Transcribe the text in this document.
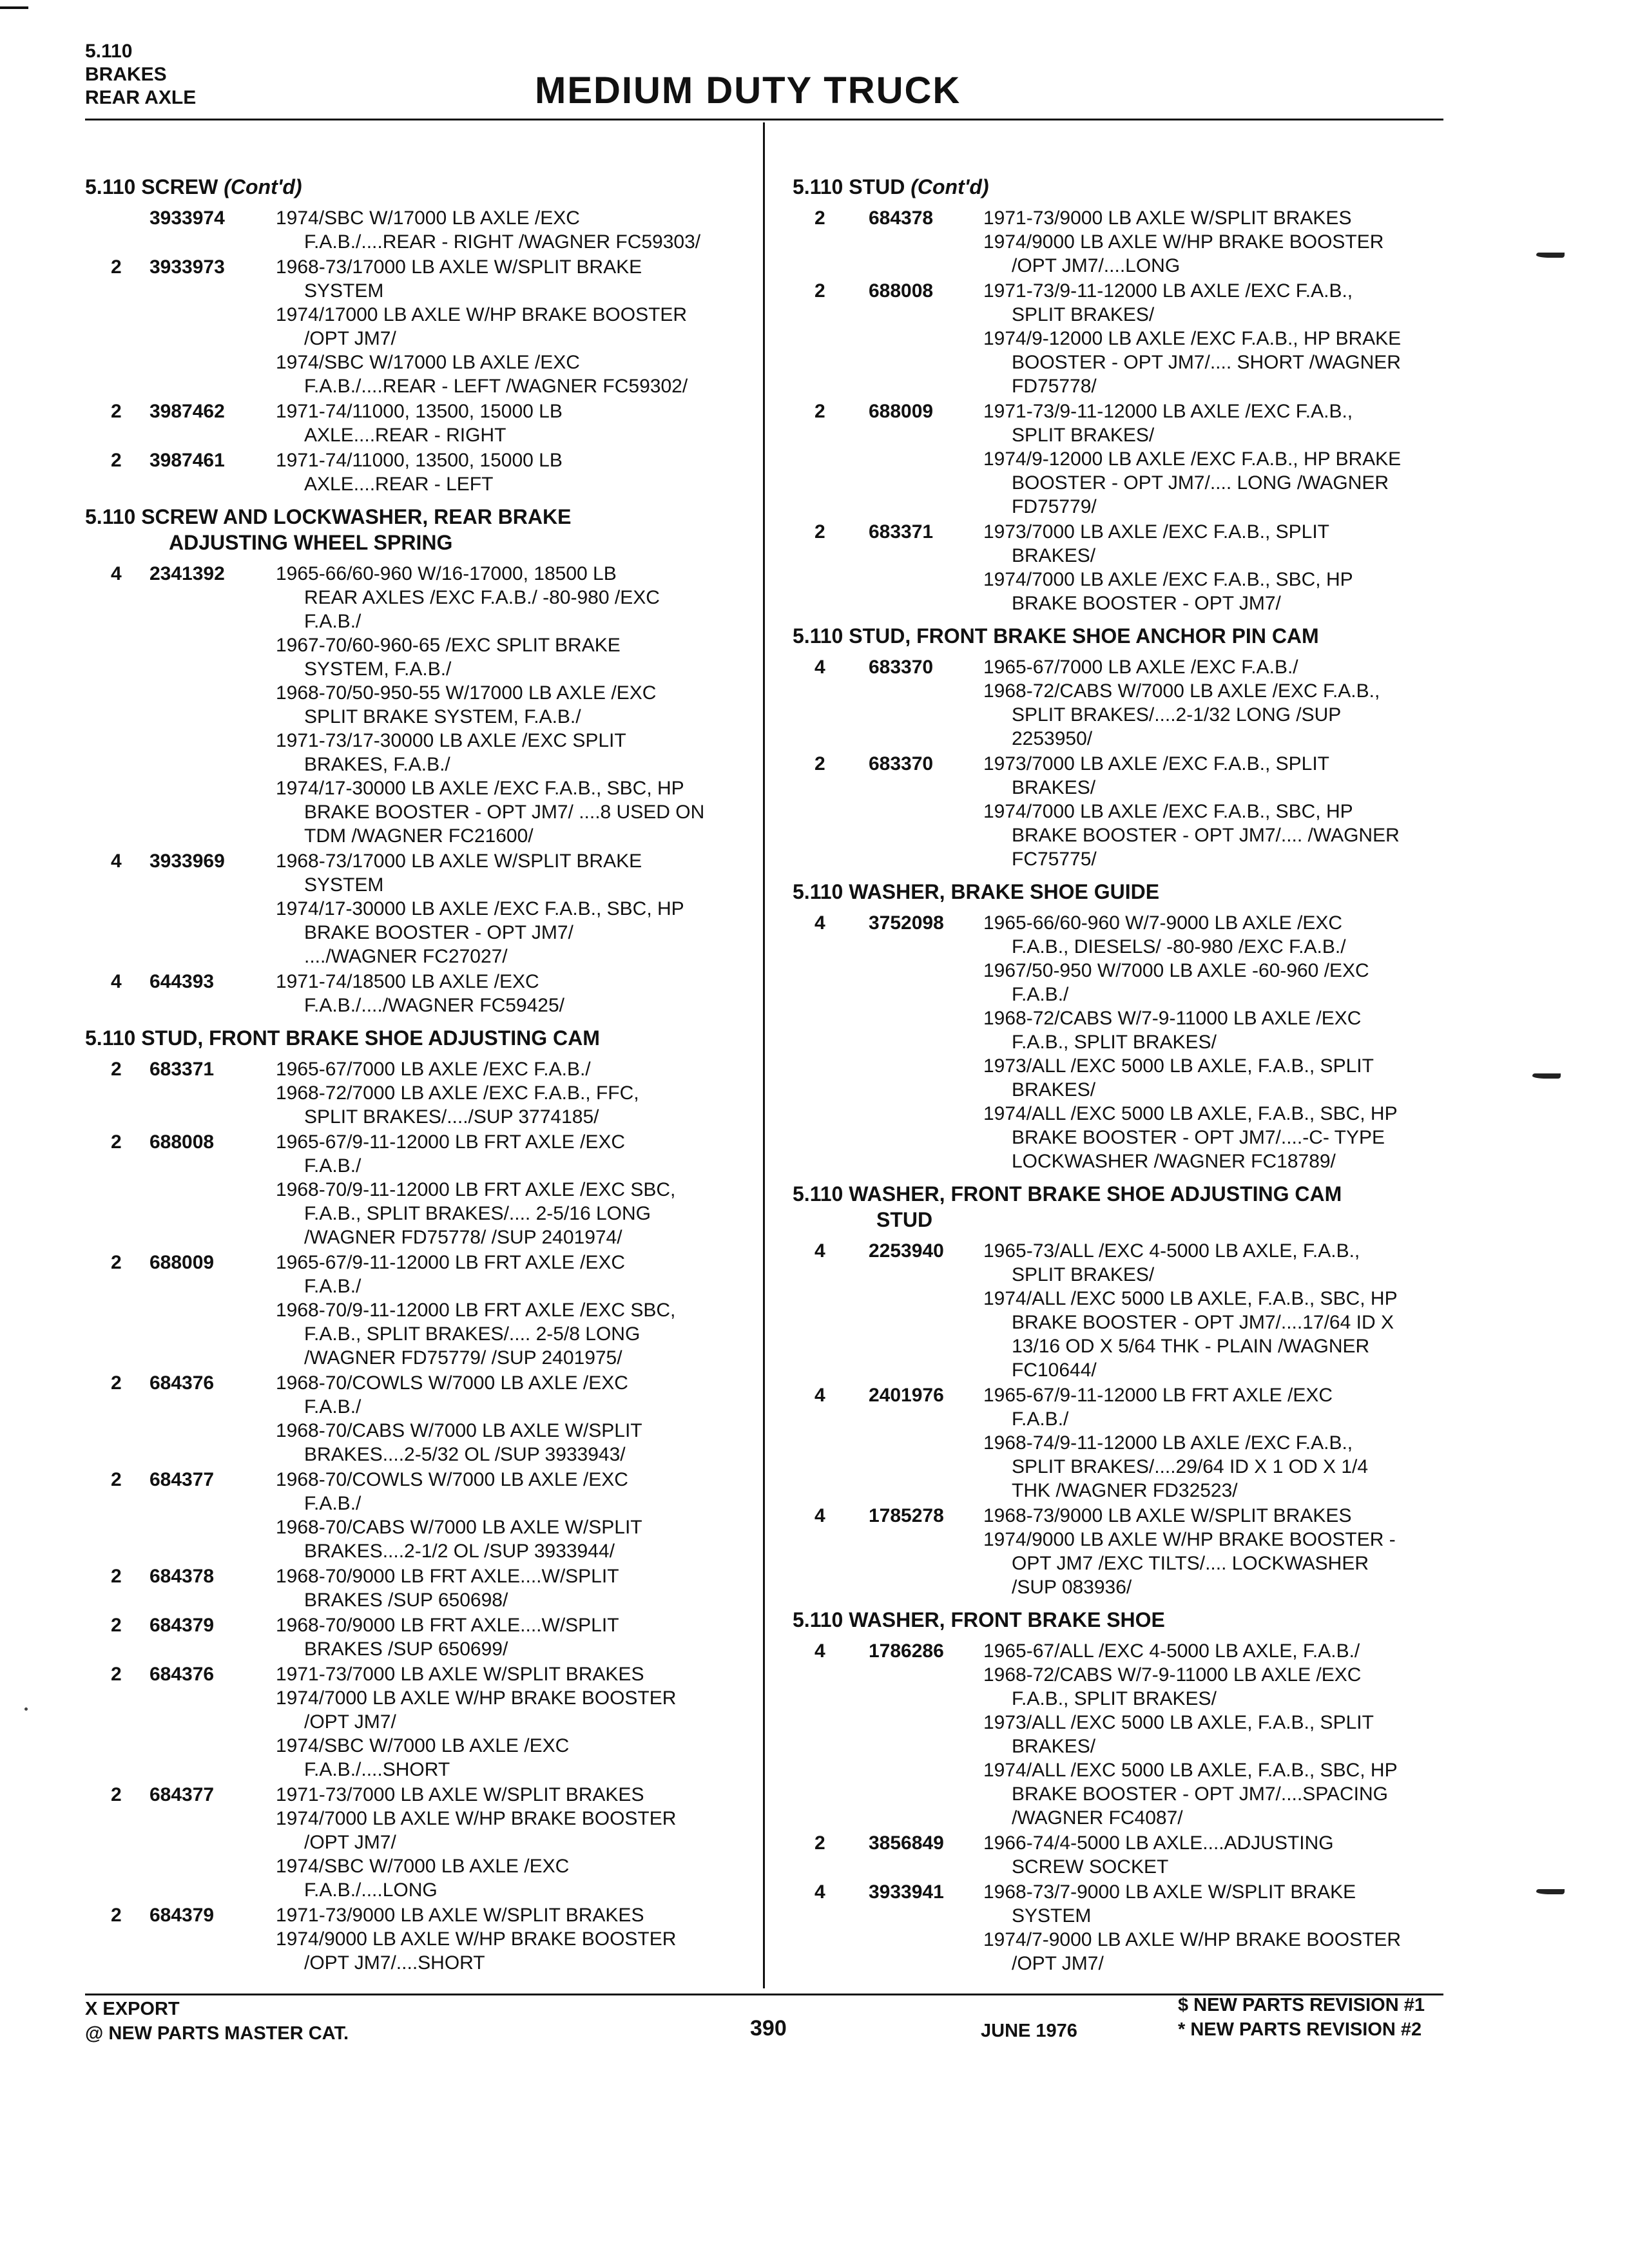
5.110
BRAKES
REAR AXLE	MEDIUM DUTY TRUCK
5.110 SCREW (Cont'd)
3933974	1974/SBC W/17000 LB AXLE /EXC
F.A.B./....REAR - RIGHT /WAGNER FC59303/
2 3933973	1968-73/17000 LB AXLE W/SPLIT BRAKE
SYSTEM
1974/17000 LB AXLE W/HP BRAKE BOOSTER
/OPT JM7/
1974/SBC W/17000 LB AXLE /EXC
F.A.B./....REAR - LEFT /WAGNER FC59302/
2 3987462	1971-74/11000, 13500, 15000 LB
AXLE....REAR - RIGHT
2 3987461	1971-74/11000, 13500, 15000 LB
AXLE....REAR - LEFT
5.110 SCREW AND LOCKWASHER, REAR BRAKE
ADJUSTING WHEEL SPRING
4 2341392	1965-66/60-960 W/16-17000, 18500 LB
REAR AXLES /EXC F.A.B./ -80-980 /EXC
F.A.B./
1967-70/60-960-65 /EXC SPLIT BRAKE
SYSTEM, F.A.B./
1968-70/50-950-55 W/17000 LB AXLE /EXC
SPLIT BRAKE SYSTEM, F.A.B./
1971-73/17-30000 LB AXLE /EXC SPLIT
BRAKES, F.A.B./
1974/17-30000 LB AXLE /EXC F.A.B., SBC, HP
BRAKE BOOSTER - OPT JM7/ ....8 USED ON
TDM /WAGNER FC21600/
4 3933969	1968-73/17000 LB AXLE W/SPLIT BRAKE
SYSTEM
1974/17-30000 LB AXLE /EXC F.A.B., SBC, HP
BRAKE BOOSTER - OPT JM7/
..../WAGNER FC27027/
4 644393	1971-74/18500 LB AXLE /EXC
F.A.B./..../WAGNER FC59425/
5.110 STUD, FRONT BRAKE SHOE ADJUSTING CAM
2 683371	1965-67/7000 LB AXLE /EXC F.A.B./
1968-72/7000 LB AXLE /EXC F.A.B., FFC,
SPLIT BRAKES/..../SUP 3774185/
2 688008	1965-67/9-11-12000 LB FRT AXLE /EXC
F.A.B./
1968-70/9-11-12000 LB FRT AXLE /EXC SBC,
F.A.B., SPLIT BRAKES/.... 2-5/16 LONG
/WAGNER FD75778/ /SUP 2401974/
2 688009	1965-67/9-11-12000 LB FRT AXLE /EXC
F.A.B./
1968-70/9-11-12000 LB FRT AXLE /EXC SBC,
F.A.B., SPLIT BRAKES/.... 2-5/8 LONG
/WAGNER FD75779/ /SUP 2401975/
2 684376	1968-70/COWLS W/7000 LB AXLE /EXC
F.A.B./
1968-70/CABS W/7000 LB AXLE W/SPLIT
BRAKES....2-5/32 OL /SUP 3933943/
2 684377	1968-70/COWLS W/7000 LB AXLE /EXC
F.A.B./
1968-70/CABS W/7000 LB AXLE W/SPLIT
BRAKES....2-1/2 OL /SUP 3933944/
2 684378	1968-70/9000 LB FRT AXLE....W/SPLIT
BRAKES /SUP 650698/
2 684379	1968-70/9000 LB FRT AXLE....W/SPLIT
BRAKES /SUP 650699/
2 684376	1971-73/7000 LB AXLE W/SPLIT BRAKES
1974/7000 LB AXLE W/HP BRAKE BOOSTER
/OPT JM7/
1974/SBC W/7000 LB AXLE /EXC
F.A.B./....SHORT
2 684377	1971-73/7000 LB AXLE W/SPLIT BRAKES
1974/7000 LB AXLE W/HP BRAKE BOOSTER
/OPT JM7/
1974/SBC W/7000 LB AXLE /EXC
F.A.B./....LONG
2 684379	1971-73/9000 LB AXLE W/SPLIT BRAKES
1974/9000 LB AXLE W/HP BRAKE BOOSTER
/OPT JM7/....SHORT
5.110 STUD (Cont'd)
2 684378	1971-73/9000 LB AXLE W/SPLIT BRAKES
1974/9000 LB AXLE W/HP BRAKE BOOSTER
/OPT JM7/....LONG
2 688008	1971-73/9-11-12000 LB AXLE /EXC F.A.B.,
SPLIT BRAKES/
1974/9-12000 LB AXLE /EXC F.A.B., HP BRAKE
BOOSTER - OPT JM7/.... SHORT /WAGNER
FD75778/
2 688009	1971-73/9-11-12000 LB AXLE /EXC F.A.B.,
SPLIT BRAKES/
1974/9-12000 LB AXLE /EXC F.A.B., HP BRAKE
BOOSTER - OPT JM7/.... LONG /WAGNER
FD75779/
2 683371	1973/7000 LB AXLE /EXC F.A.B., SPLIT
BRAKES/
1974/7000 LB AXLE /EXC F.A.B., SBC, HP
BRAKE BOOSTER - OPT JM7/
5.110 STUD, FRONT BRAKE SHOE ANCHOR PIN CAM
4 683370	1965-67/7000 LB AXLE /EXC F.A.B./
1968-72/CABS W/7000 LB AXLE /EXC F.A.B.,
SPLIT BRAKES/....2-1/32 LONG /SUP
2253950/
2 683370	1973/7000 LB AXLE /EXC F.A.B., SPLIT
BRAKES/
1974/7000 LB AXLE /EXC F.A.B., SBC, HP
BRAKE BOOSTER - OPT JM7/.... /WAGNER
FC75775/
5.110 WASHER, BRAKE SHOE GUIDE
4 3752098 1965-66/60-960 W/7-9000 LB AXLE /EXC
F.A.B., DIESELS/ -80-980 /EXC F.A.B./
1967/50-950 W/7000 LB AXLE -60-960 /EXC
F.A.B./
1968-72/CABS W/7-9-11000 LB AXLE /EXC
F.A.B., SPLIT BRAKES/
1973/ALL /EXC 5000 LB AXLE, F.A.B., SPLIT
BRAKES/
1974/ALL /EXC 5000 LB AXLE, F.A.B., SBC, HP
BRAKE BOOSTER - OPT JM7/....-C- TYPE
LOCKWASHER /WAGNER FC18789/
5.110 WASHER, FRONT BRAKE SHOE ADJUSTING CAM
STUD
4 2253940 1965-73/ALL /EXC 4-5000 LB AXLE, F.A.B.,
SPLIT BRAKES/
1974/ALL /EXC 5000 LB AXLE, F.A.B., SBC, HP
BRAKE BOOSTER - OPT JM7/....17/64 ID X
13/16 OD X 5/64 THK - PLAIN /WAGNER
FC10644/
4 2401976 1965-67/9-11-12000 LB FRT AXLE /EXC
F.A.B./
1968-74/9-11-12000 LB AXLE /EXC F.A.B.,
SPLIT BRAKES/....29/64 ID X 1 OD X 1/4
THK /WAGNER FD32523/
4 1785278 1968-73/9000 LB AXLE W/SPLIT BRAKES
1974/9000 LB AXLE W/HP BRAKE BOOSTER -
OPT JM7 /EXC TILTS/.... LOCKWASHER
/SUP 083936/
5.110 WASHER, FRONT BRAKE SHOE
4 1786286 1965-67/ALL /EXC 4-5000 LB AXLE, F.A.B./
1968-72/CABS W/7-9-11000 LB AXLE /EXC
F.A.B., SPLIT BRAKES/
1973/ALL /EXC 5000 LB AXLE, F.A.B., SPLIT
BRAKES/
1974/ALL /EXC 5000 LB AXLE, F.A.B., SBC, HP
BRAKE BOOSTER - OPT JM7/....SPACING
/WAGNER FC4087/
2 3856849 1966-74/4-5000 LB AXLE....ADJUSTING
SCREW SOCKET
4 3933941 1968-73/7-9000 LB AXLE W/SPLIT BRAKE
SYSTEM
1974/7-9000 LB AXLE W/HP BRAKE BOOSTER
/OPT JM7/
X EXPORT
@ NEW PARTS MASTER CAT.	390	JUNE 1976
$ NEW PARTS REVISION #1
* NEW PARTS REVISION #2
